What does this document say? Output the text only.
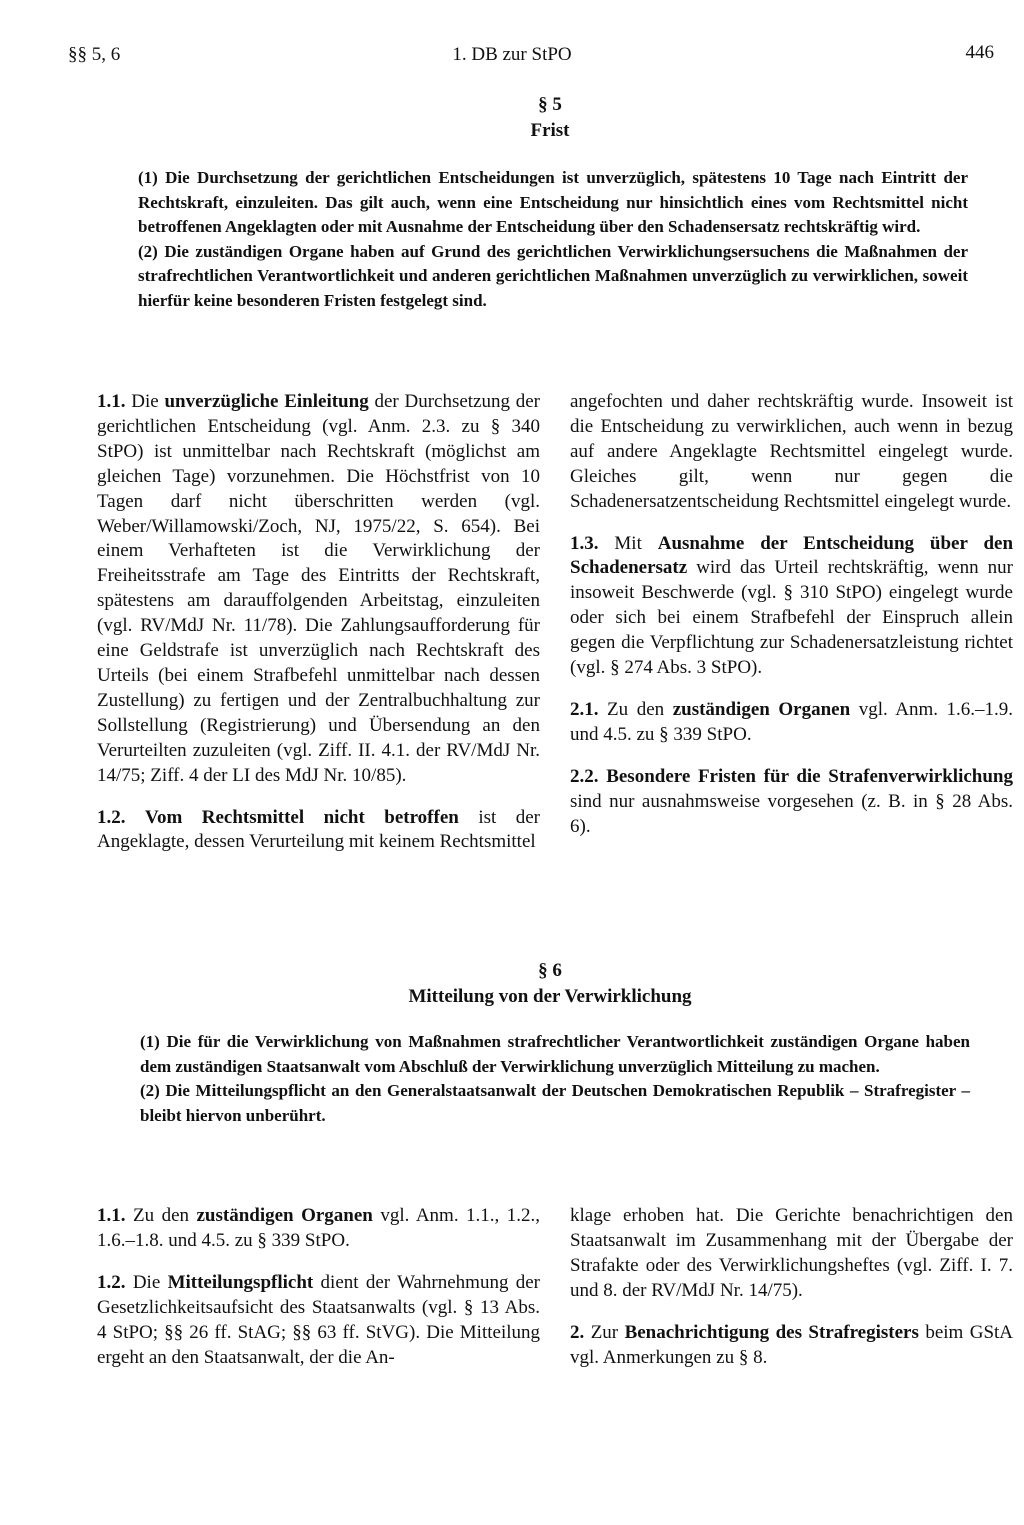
§§ 5, 6	1. DB zur StPO	446
§ 5
Frist

(1) Die Durchsetzung der gerichtlichen Entscheidungen ist unverzüglich, spätestens 10 Tage nach Eintritt der Rechtskraft, einzuleiten. Das gilt auch, wenn eine Entscheidung nur hinsichtlich eines vom Rechtsmittel nicht betroffenen Angeklagten oder mit Ausnahme der Entscheidung über den Schadensersatz rechtskräftig wird.

(2) Die zuständigen Organe haben auf Grund des gerichtlichen Verwirklichungsersuchens die Maßnahmen der strafrechtlichen Verantwortlichkeit und anderen gerichtlichen Maßnahmen unverzüglich zu verwirklichen, soweit hierfür keine besonderen Fristen festgelegt sind.

1.1. Die unverzügliche Einleitung der Durchsetzung der gerichtlichen Entscheidung (vgl. Anm. 2.3. zu § 340 StPO) ist unmittelbar nach Rechtskraft (möglichst am gleichen Tage) vorzunehmen. Die Höchstfrist von 10 Tagen darf nicht überschritten werden (vgl. Weber/Willamowski/Zoch, NJ, 1975/22, S. 654). Bei einem Verhafteten ist die Verwirklichung der Freiheitsstrafe am Tage des Eintritts der Rechtskraft, spätestens am darauffolgenden Arbeitstag, einzuleiten (vgl. RV/MdJ Nr. 11/78). Die Zahlungsaufforderung für eine Geldstrafe ist unverzüglich nach Rechtskraft des Urteils (bei einem Strafbefehl unmittelbar nach dessen Zustellung) zu fertigen und der Zentralbuchhaltung zur Sollstellung (Registrierung) und Übersendung an den Verurteilten zuzuleiten (vgl. Ziff. II. 4.1. der RV/MdJ Nr. 14/75; Ziff. 4 der LI des MdJ Nr. 10/85).

1.2. Vom Rechtsmittel nicht betroffen ist der Angeklagte, dessen Verurteilung mit keinem Rechtsmittel

angefochten und daher rechtskräftig wurde. Insoweit ist die Entscheidung zu verwirklichen, auch wenn in bezug auf andere Angeklagte Rechtsmittel eingelegt wurde. Gleiches gilt, wenn nur gegen die Schadenersatzentscheidung Rechtsmittel eingelegt wurde.

1.3. Mit Ausnahme der Entscheidung über den Schadenersatz wird das Urteil rechtskräftig, wenn nur insoweit Beschwerde (vgl. § 310 StPO) eingelegt wurde oder sich bei einem Strafbefehl der Einspruch allein gegen die Verpflichtung zur Schadenersatzleistung richtet (vgl. § 274 Abs. 3 StPO).

2.1. Zu den zuständigen Organen vgl. Anm. 1.6.–1.9. und 4.5. zu § 339 StPO.

2.2. Besondere Fristen für die Strafenverwirklichung sind nur ausnahmsweise vorgesehen (z. B. in § 28 Abs. 6).

§ 6
Mitteilung von der Verwirklichung

(1) Die für die Verwirklichung von Maßnahmen strafrechtlicher Verantwortlichkeit zuständigen Organe haben dem zuständigen Staatsanwalt vom Abschluß der Verwirklichung unverzüglich Mitteilung zu machen.

(2) Die Mitteilungspflicht an den Generalstaatsanwalt der Deutschen Demokratischen Republik – Strafregister – bleibt hiervon unberührt.

1.1. Zu den zuständigen Organen vgl. Anm. 1.1., 1.2., 1.6.–1.8. und 4.5. zu § 339 StPO.

1.2. Die Mitteilungspflicht dient der Wahrnehmung der Gesetzlichkeitsaufsicht des Staatsanwalts (vgl. § 13 Abs. 4 StPO; §§ 26 ff. StAG; §§ 63 ff. StVG). Die Mitteilung ergeht an den Staatsanwalt, der die An-

klage erhoben hat. Die Gerichte benachrichtigen den Staatsanwalt im Zusammenhang mit der Übergabe der Strafakte oder des Verwirklichungsheftes (vgl. Ziff. I. 7. und 8. der RV/MdJ Nr. 14/75).

2. Zur Benachrichtigung des Strafregisters beim GStA vgl. Anmerkungen zu § 8.
